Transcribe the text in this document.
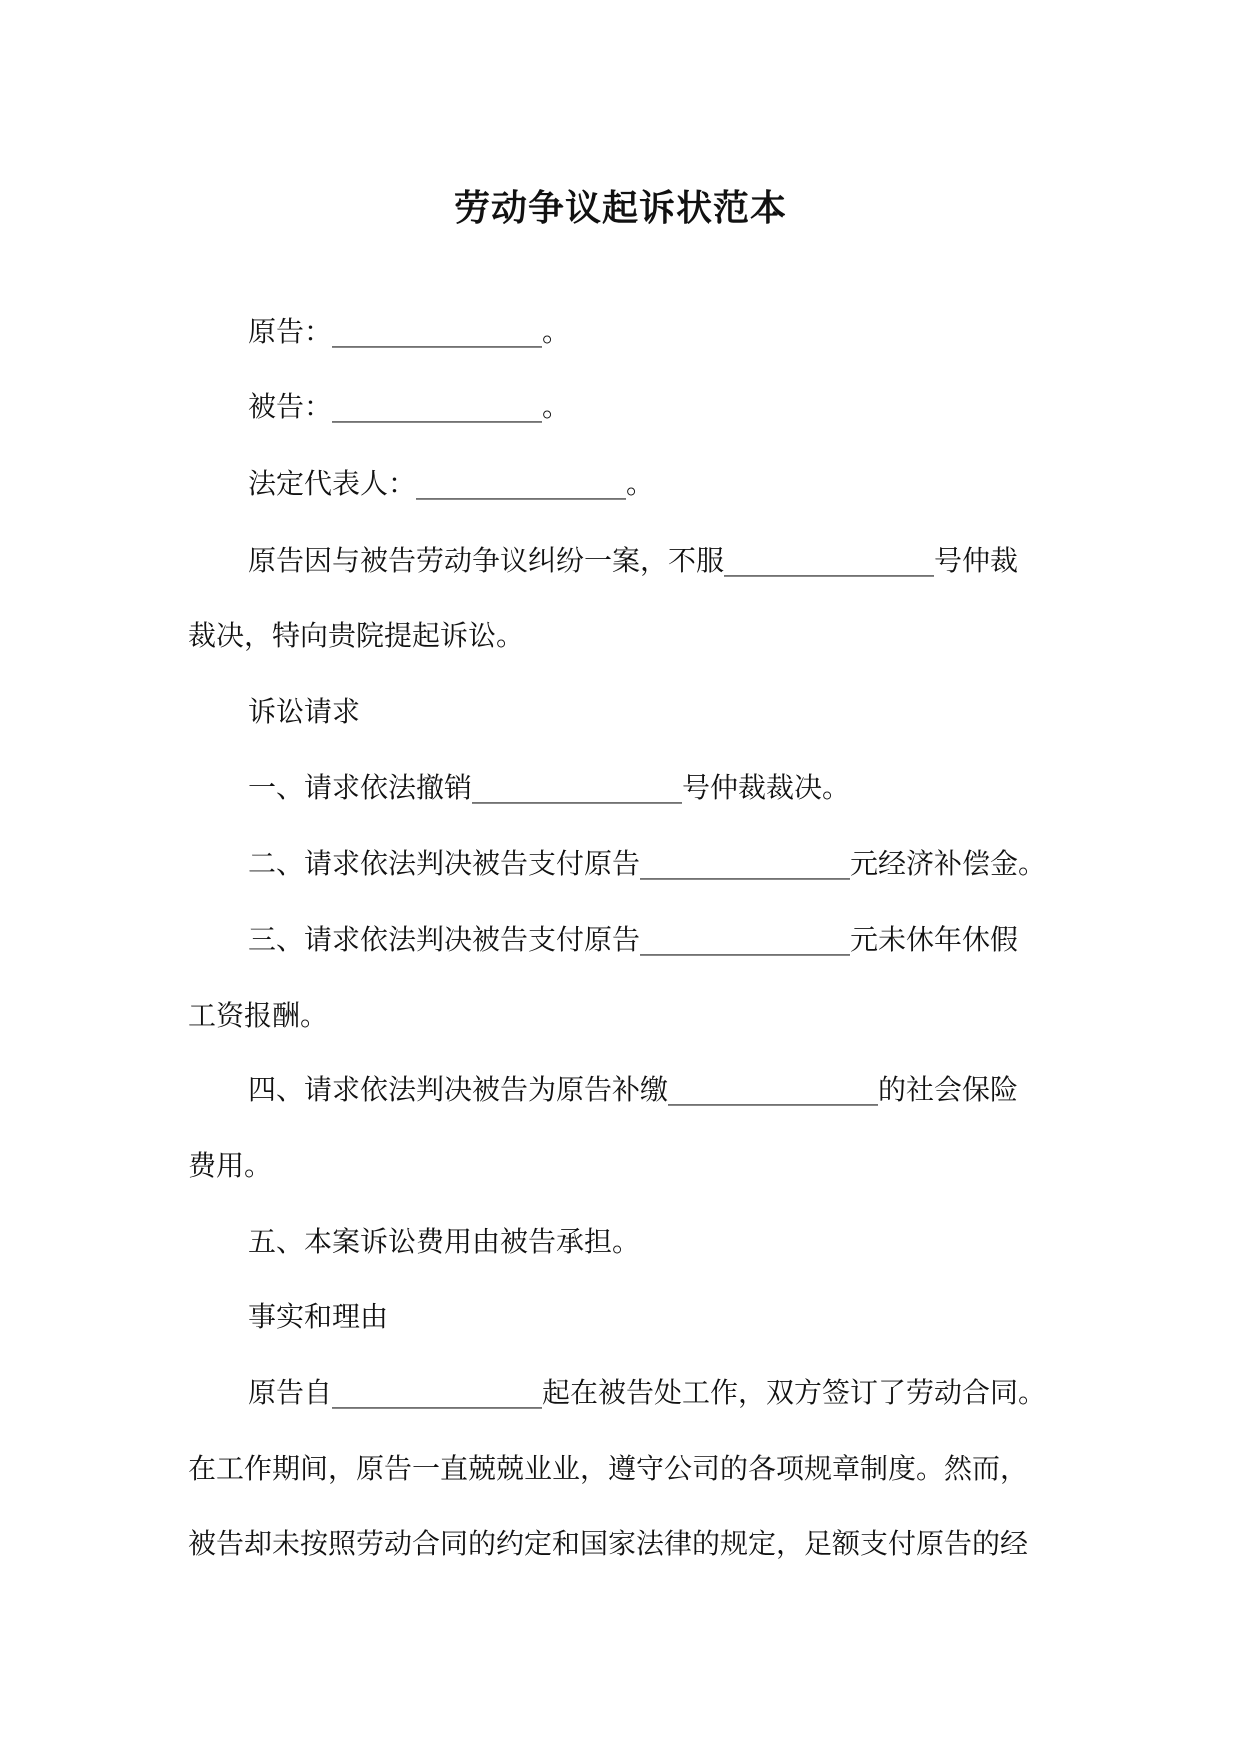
劳动争议起诉状范本
原告：_______________。
被告：_______________。
法定代表人：_______________。
原告因与被告劳动争议纠纷一案，不服_______________号仲裁
裁决，特向贵院提起诉讼。
诉讼请求
一、请求依法撤销_______________号仲裁裁决。
二、请求依法判决被告支付原告_______________元经济补偿金。
三、请求依法判决被告支付原告_______________元未休年休假
工资报酬。
四、请求依法判决被告为原告补缴_______________的社会保险
费用。
五、本案诉讼费用由被告承担。
事实和理由
原告自_______________起在被告处工作，双方签订了劳动合同。
在工作期间，原告一直兢兢业业，遵守公司的各项规章制度。然而，
被告却未按照劳动合同的约定和国家法律的规定，足额支付原告的经
